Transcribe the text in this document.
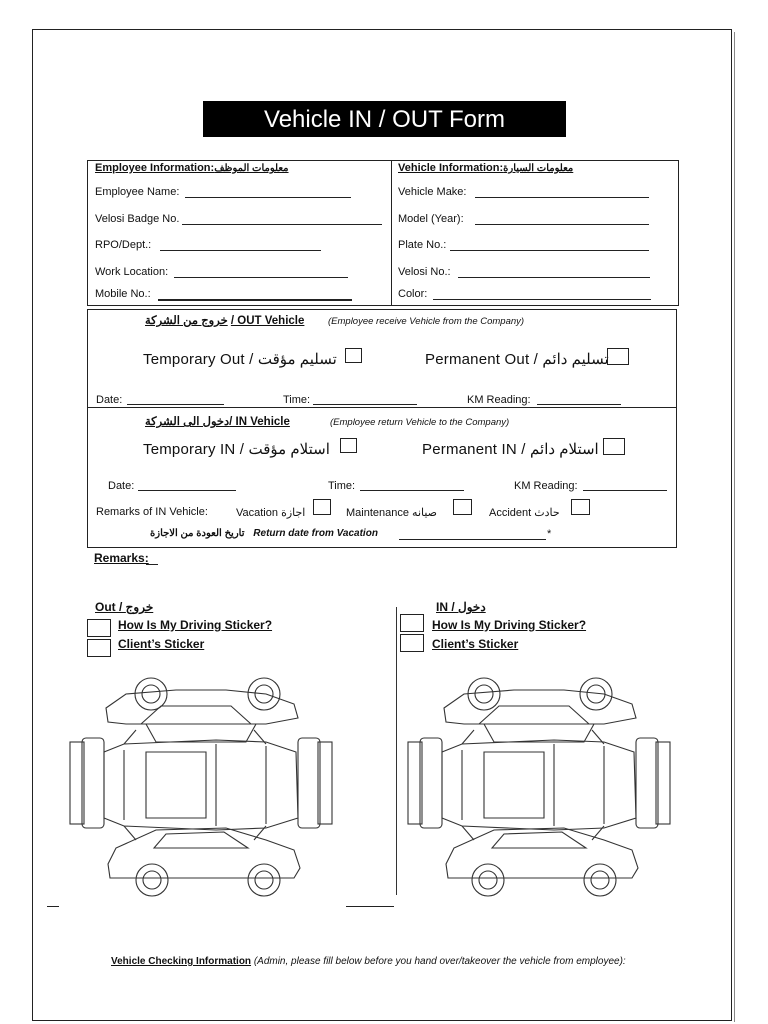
Vehicle IN / OUT Form
Employee Information:معلومات الموظف
Employee Name:
Velosi Badge No.
RPO/Dept.:
Work Location:
Mobile No.:
Vehicle Information:معلومات السيارة
Vehicle Make:
Model (Year):
Plate No.:
Velosi No.:
Color:
خروج من الشركة / OUT Vehicle (Employee receive Vehicle from the Company)
Temporary Out / تسليم مؤقت	Permanent Out / تسليم دائم
Date:	Time:	KM Reading:
دخول الى الشركة/ IN Vehicle	(Employee return Vehicle to the Company)
Temporary IN / استلام مؤقت	Permanent IN / استلام دائم
Date:	Time:	KM Reading:
Remarks of IN Vehicle:	Vacation اجازة	Maintenance صيانه	Accident حادث
تاريخ العودة من الاجازة Return date from Vacation	*
Remarks:
Out / خروج
How Is My Driving Sticker?
Client’s Sticker
IN / دخول
How Is My Driving Sticker?
Client’s Sticker
Vehicle Checking Information (Admin, please fill below before you hand over/takeover the vehicle from employee):
